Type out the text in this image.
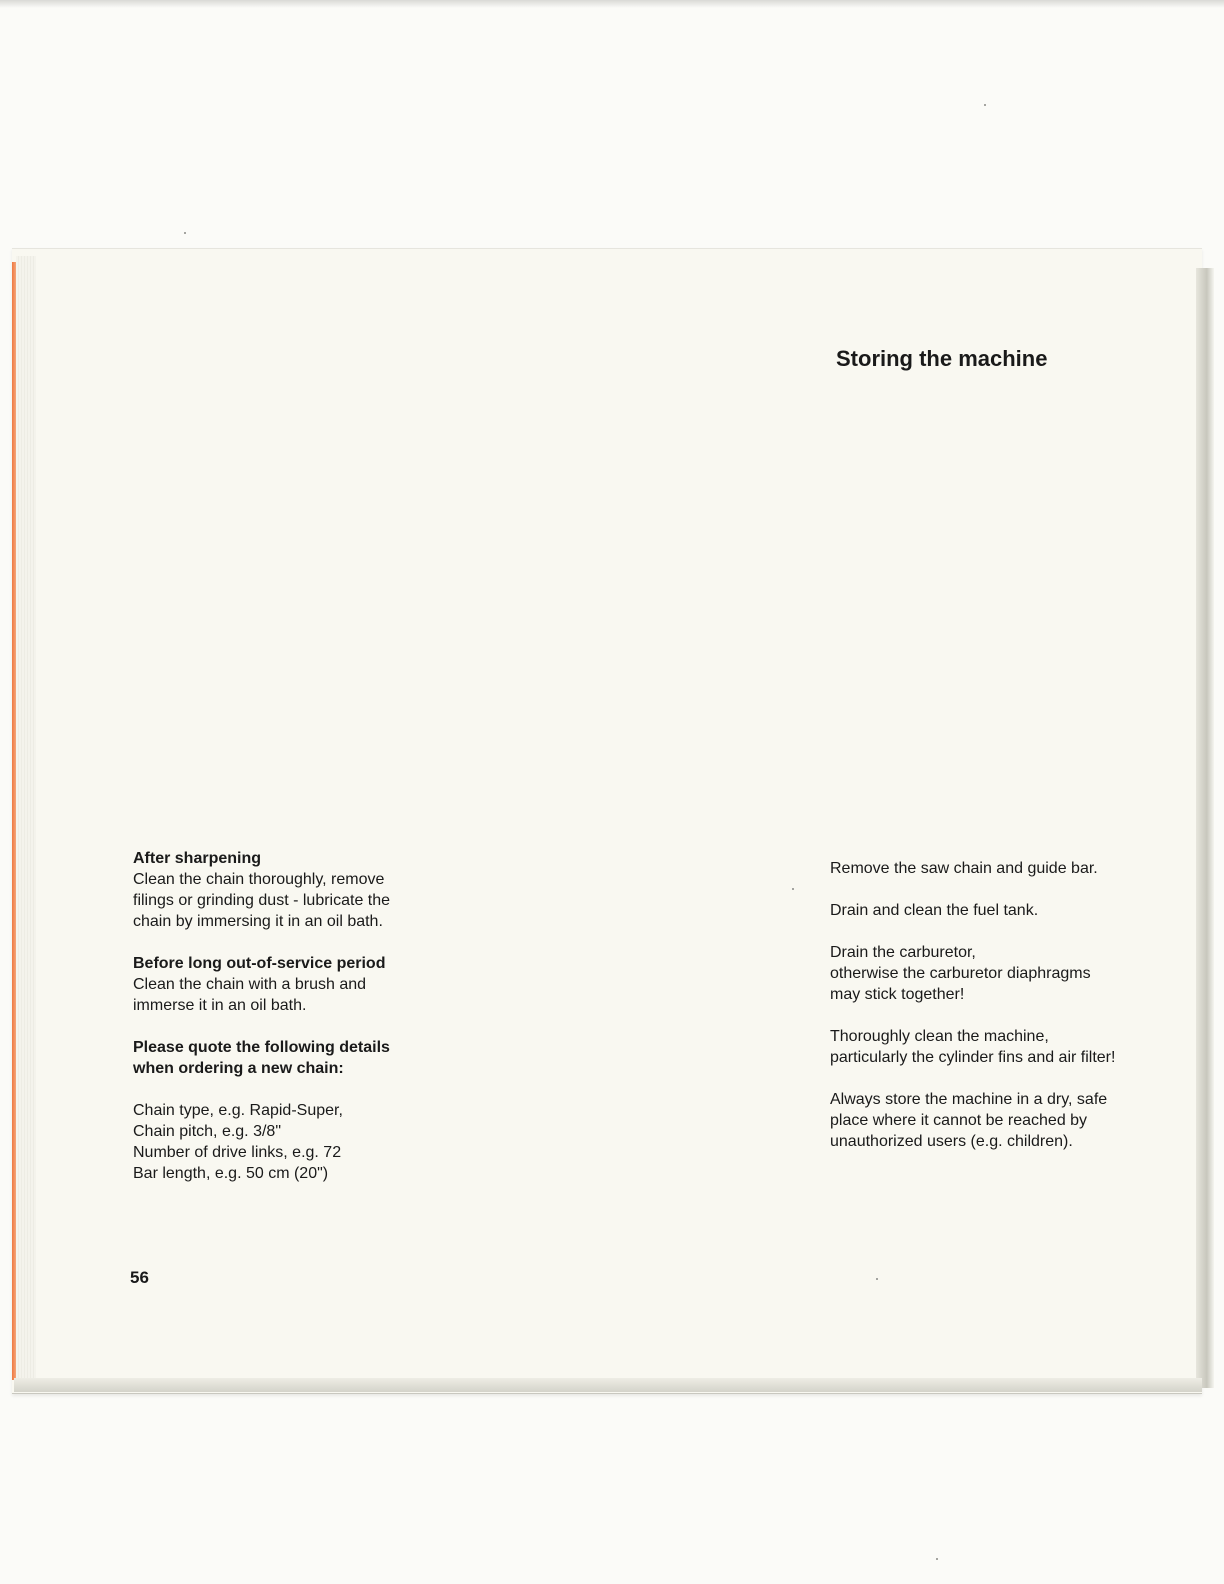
Storing the machine
After sharpening
Clean the chain thoroughly, remove
filings or grinding dust - lubricate the
chain by immersing it in an oil bath.
Before long out-of-service period
Clean the chain with a brush and
immerse it in an oil bath.
Please quote the following details
when ordering a new chain:
Chain type, e.g. Rapid-Super,
Chain pitch, e.g. 3/8"
Number of drive links, e.g. 72
Bar length, e.g. 50 cm (20")

Remove the saw chain and guide bar.

Drain and clean the fuel tank.

Drain the carburetor,
otherwise the carburetor diaphragms
may stick together!

Thoroughly clean the machine,
particularly the cylinder fins and air filter!

Always store the machine in a dry, safe
place where it cannot be reached by
unauthorized users (e.g. children).

56
